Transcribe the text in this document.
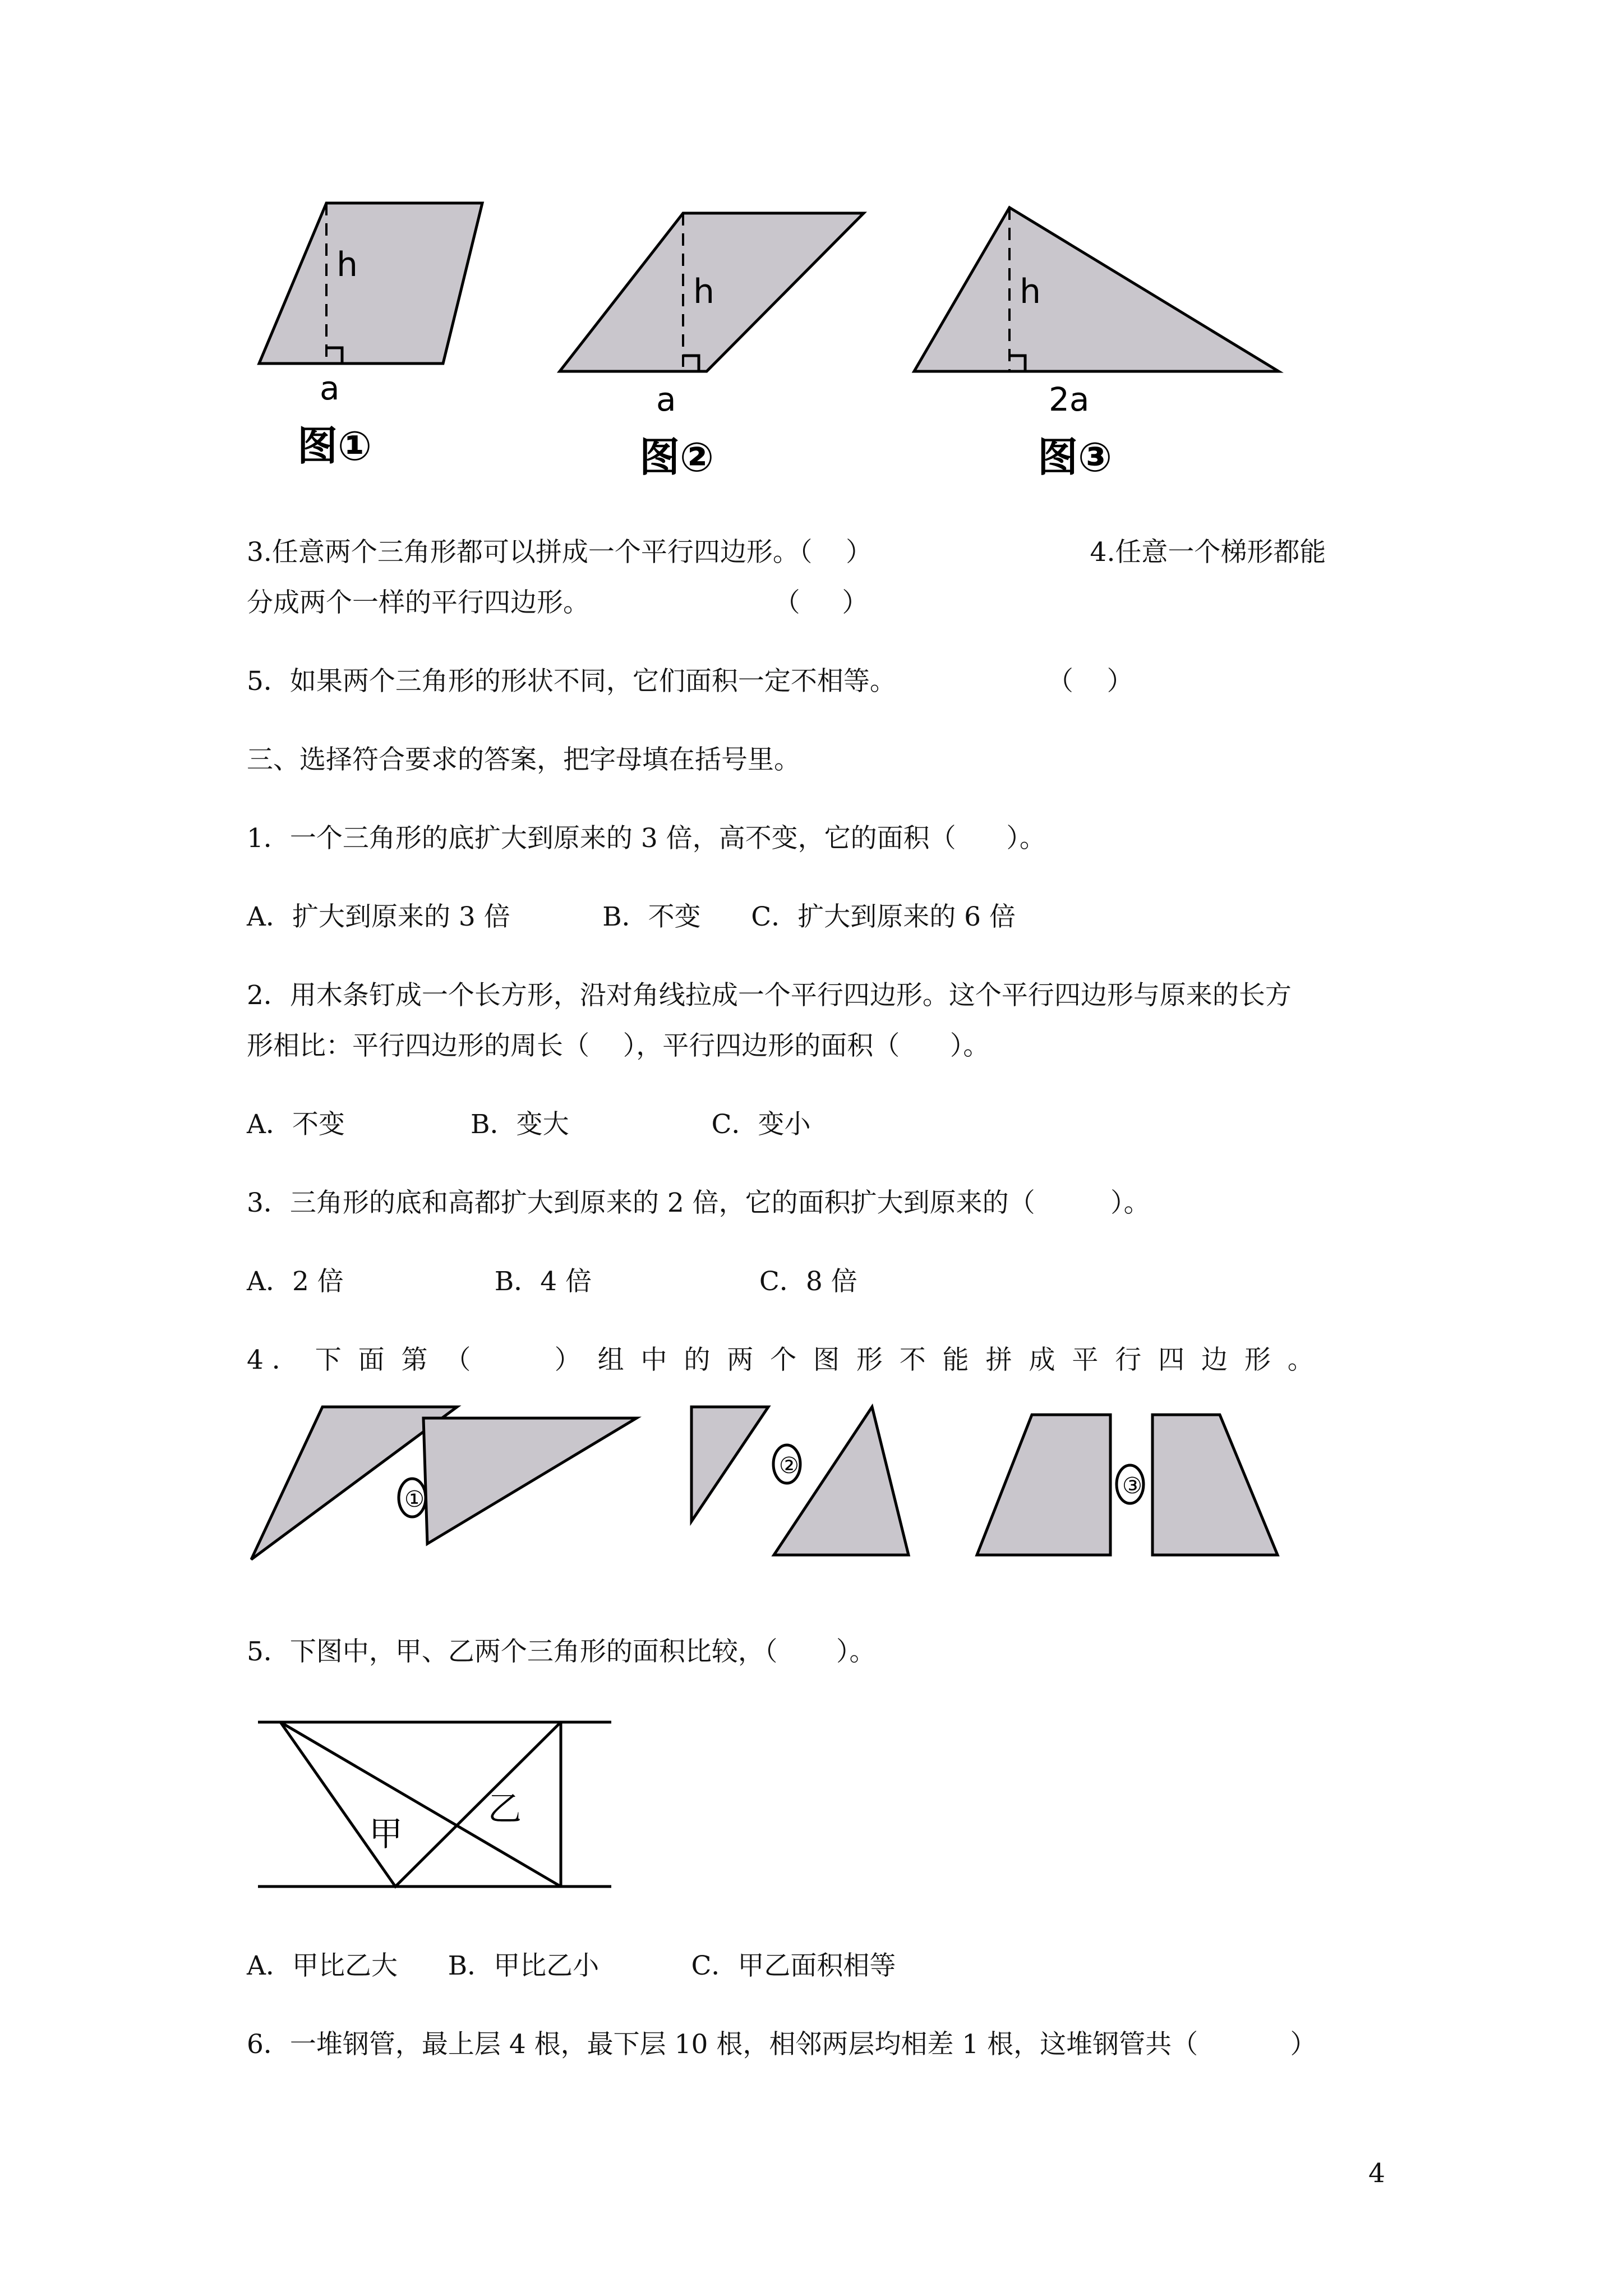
h
a
图①
h
a
图②
h
2a
图③

3.任意两个三角形都可以拼成一个平行四边形。（    ）                          4.任意一个梯形都能

分成两个一样的平行四边形。                      （     ）

5．如果两个三角形的形状不同，它们面积一定不相等。                  （    ）

三、选择符合要求的答案，把字母填在括号里。

1．一个三角形的底扩大到原来的 3 倍，高不变，它的面积（      ）。

A．扩大到原来的 3 倍           B．不变      C．扩大到原来的 6 倍

2．用木条钉成一个长方形，沿对角线拉成一个平行四边形。这个平行四边形与原来的长方

形相比：平行四边形的周长（    ），平行四边形的面积（      ）。

A．不变               B．变大                 C．变小

3．三角形的底和高都扩大到原来的 2 倍，它的面积扩大到原来的（         ）。

A．2 倍                  B．4 倍                    C．8 倍

4 ．  下  面  第  （          ）  组  中  的  两  个  图  形  不  能  拼  成  平  行  四  边  形  。

①
②
③

5．下图中，甲、乙两个三角形的面积比较，（       ）。

甲
乙

A．甲比乙大      B．甲比乙小           C．甲乙面积相等

6．一堆钢管，最上层 4 根，最下层 10 根，相邻两层均相差 1 根，这堆钢管共（           ）

4
